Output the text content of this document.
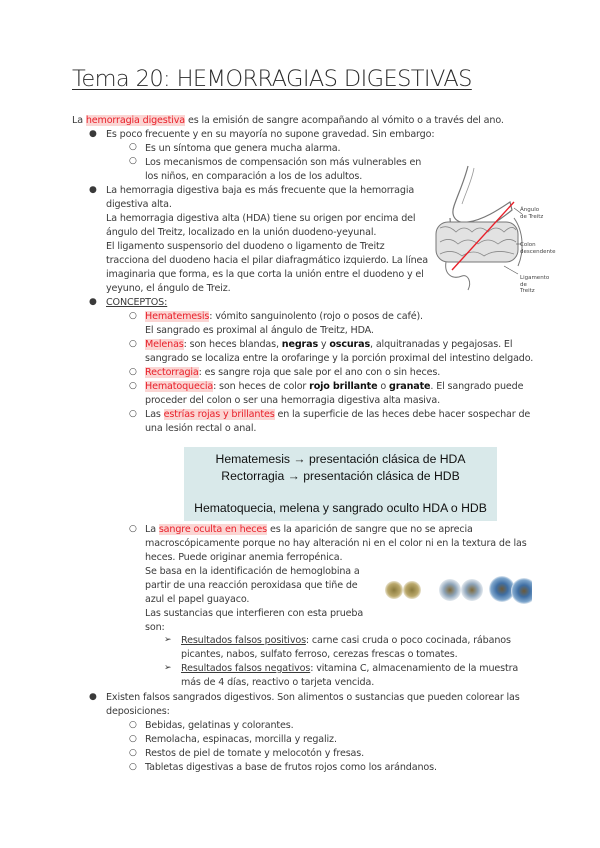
Tema 20: HEMORRAGIAS DIGESTIVAS
La hemorragia digestiva es la emisión de sangre acompañando al vómito o a través del ano.
● Es poco frecuente y en su mayoría no supone gravedad. Sin embargo:
○ Es un síntoma que genera mucha alarma.
○ Los mecanismos de compensación son más vulnerables en
los niños, en comparación a los de los adultos.
● La hemorragia digestiva baja es más frecuente que la hemorragia
digestiva alta.
La hemorragia digestiva alta (HDA) tiene su origen por encima del
ángulo del Treitz, localizado en la unión duodeno-yeyunal.
El ligamento suspensorio del duodeno o ligamento de Treitz
tracciona del duodeno hacia el pilar diafragmático izquierdo. La línea
imaginaria que forma, es la que corta la unión entre el duodeno y el
yeyuno, el ángulo de Treiz.
Ángulo
de Treitz
Colon
descendente
Ligamento
de
Treitz
● CONCEPTOS:
○ Hematemesis: vómito sanguinolento (rojo o posos de café).
El sangrado es proximal al ángulo de Treitz, HDA.
○ Melenas: son heces blandas, negras y oscuras, alquitranadas y pegajosas. El
sangrado se localiza entre la orofaringe y la porción proximal del intestino delgado.
○ Rectorragia: es sangre roja que sale por el ano con o sin heces.
○ Hematoquecia: son heces de color rojo brillante o granate. El sangrado puede
proceder del colon o ser una hemorragia digestiva alta masiva.
○ Las estrías rojas y brillantes en la superficie de las heces debe hacer sospechar de
una lesión rectal o anal.
Hematemesis → presentación clásica de HDA
Rectorragia → presentación clásica de HDB
Hematoquecia, melena y sangrado oculto HDA o HDB
○ La sangre oculta en heces es la aparición de sangre que no se aprecia
macroscópicamente porque no hay alteración ni en el color ni en la textura de las
heces. Puede originar anemia ferropénica.
Se basa en la identificación de hemoglobina a
partir de una reacción peroxidasa que tiñe de
azul el papel guayaco.
Las sustancias que interfieren con esta prueba
son:
➢ Resultados falsos positivos: carne casi cruda o poco cocinada, rábanos
picantes, nabos, sulfato ferroso, cerezas frescas o tomates.
➢ Resultados falsos negativos: vitamina C, almacenamiento de la muestra
más de 4 días, reactivo o tarjeta vencida.
● Existen falsos sangrados digestivos. Son alimentos o sustancias que pueden colorear las
deposiciones:
○ Bebidas, gelatinas y colorantes.
○ Remolacha, espinacas, morcilla y regaliz.
○ Restos de piel de tomate y melocotón y fresas.
○ Tabletas digestivas a base de frutos rojos como los arándanos.
